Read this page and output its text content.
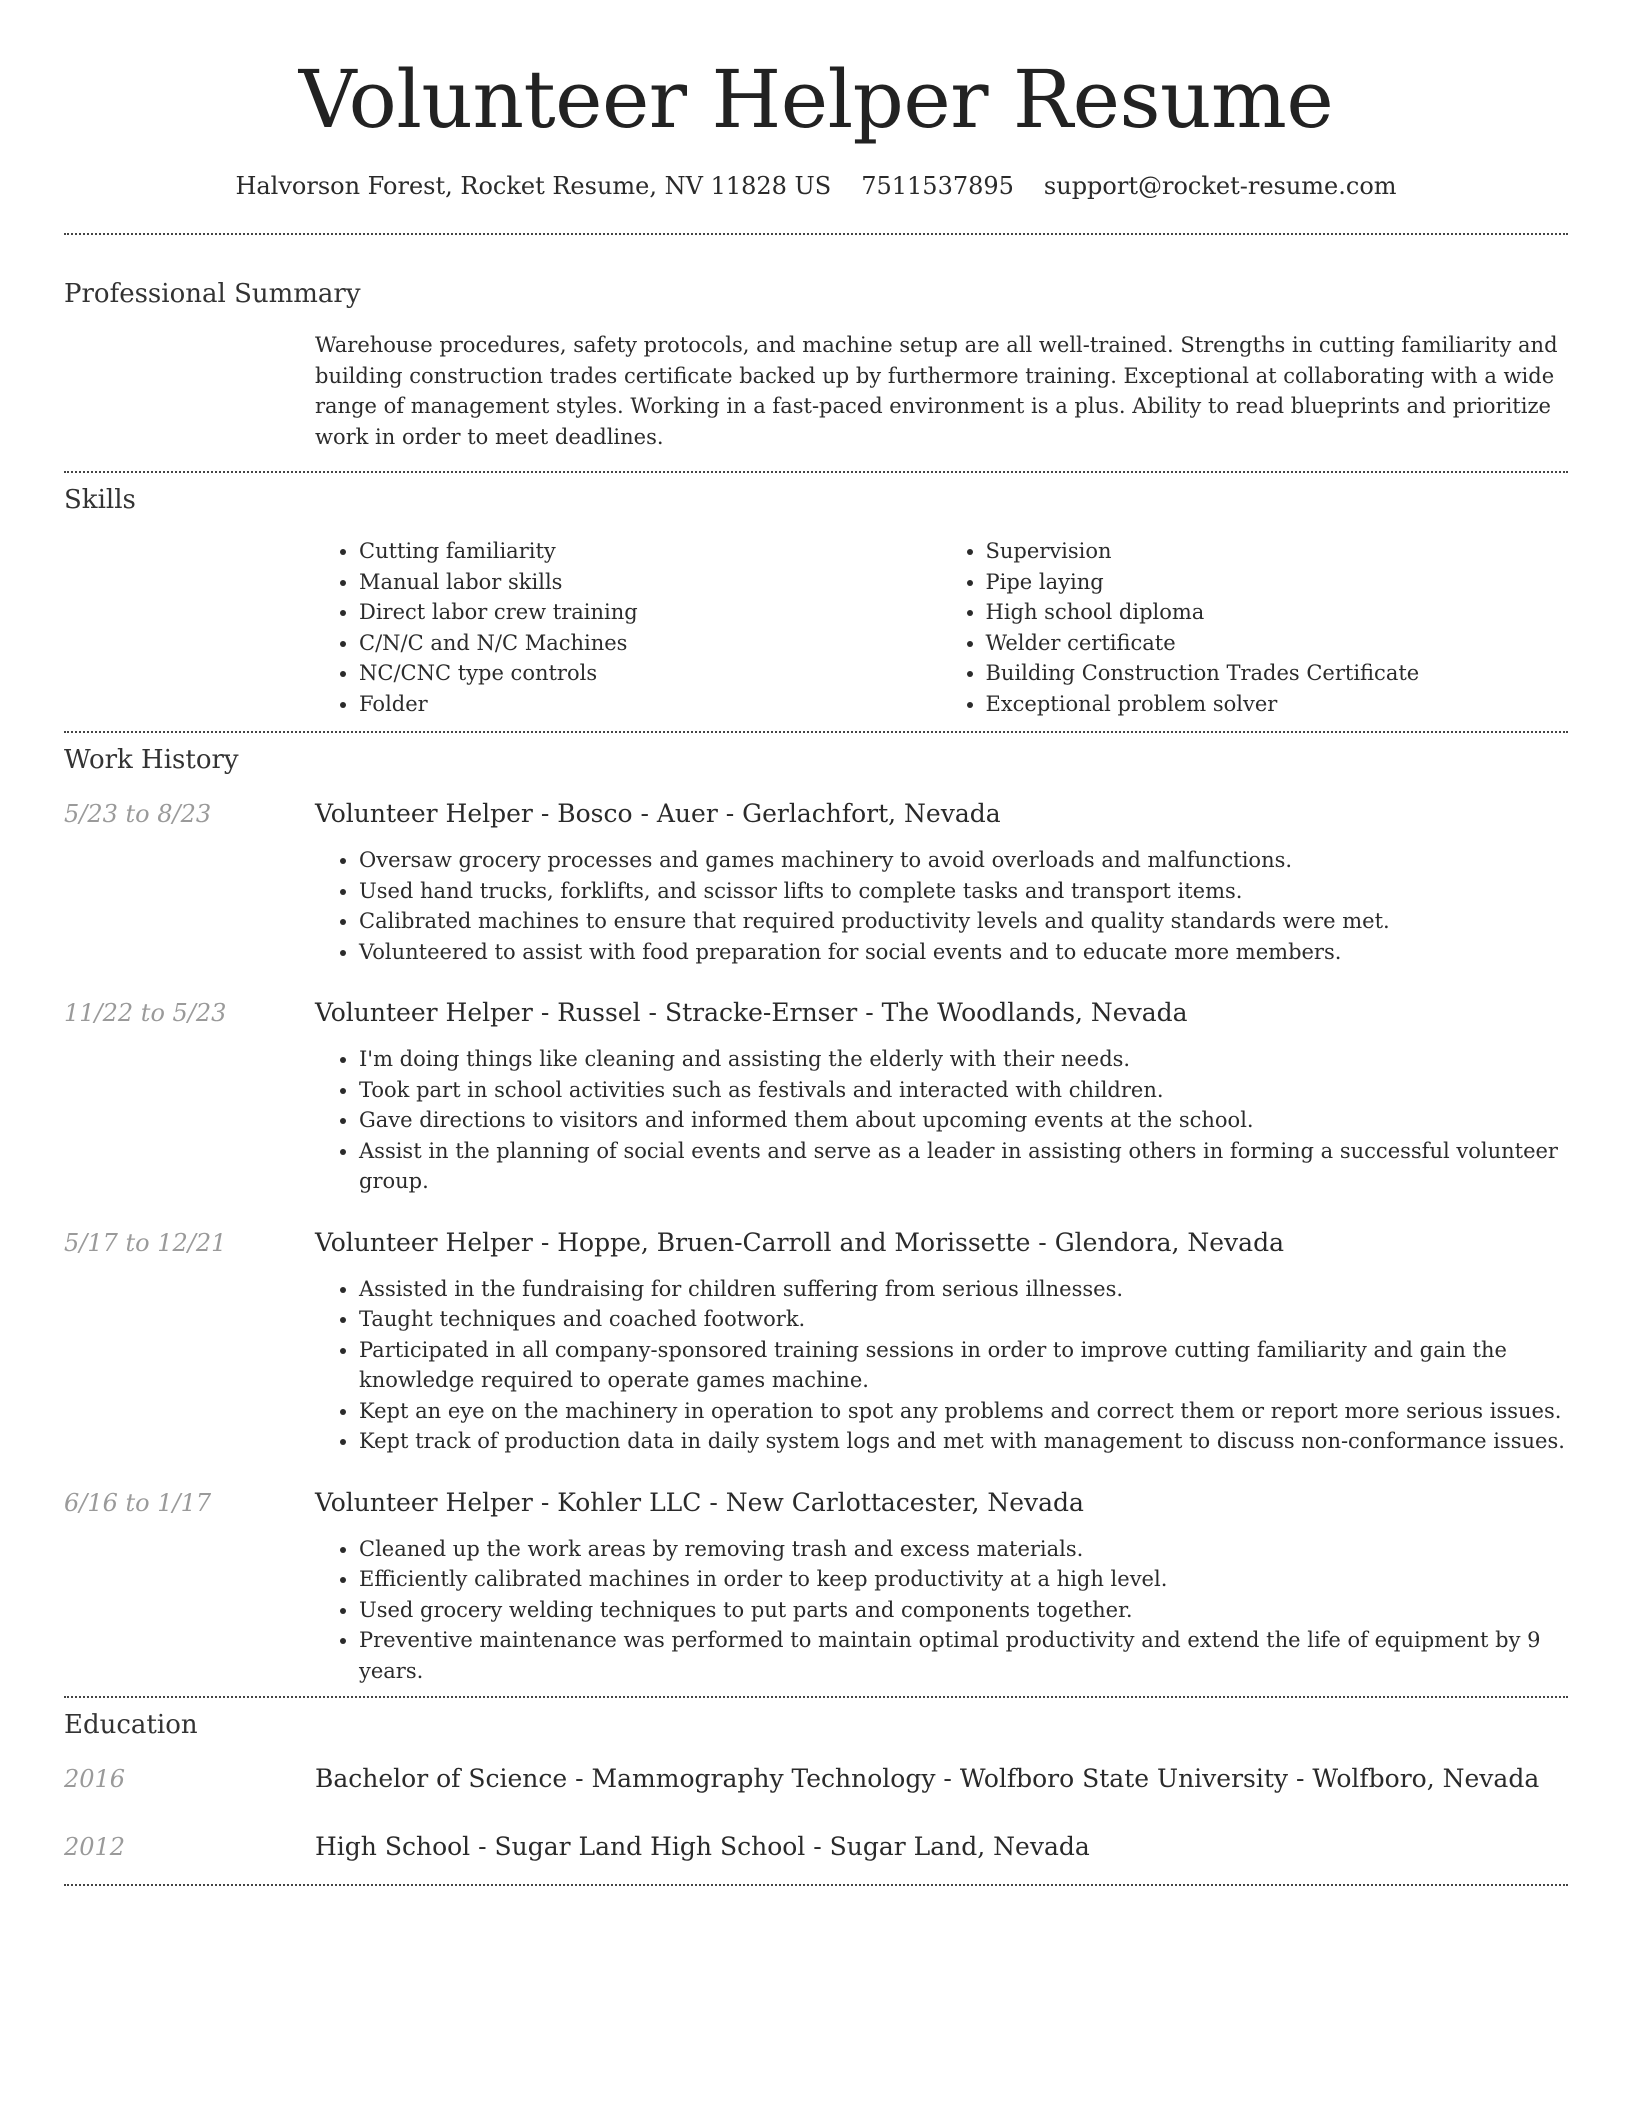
Volunteer Helper Resume
Halvorson Forest, Rocket Resume, NV 11828 US 7511537895 support@rocket-resume.com
Professional Summary
Warehouse procedures, safety protocols, and machine setup are all well-trained. Strengths in cutting familiarity and building construction trades certificate backed up by furthermore training. Exceptional at collaborating with a wide range of management styles. Working in a fast-paced environment is a plus. Ability to read blueprints and prioritize work in order to meet deadlines.
Skills
• Cutting familiarity
• Manual labor skills
• Direct labor crew training
• C/N/C and N/C Machines
• NC/CNC type controls
• Folder
• Supervision
• Pipe laying
• High school diploma
• Welder certificate
• Building Construction Trades Certificate
• Exceptional problem solver
Work History
5/23 to 8/23	Volunteer Helper - Bosco - Auer - Gerlachfort, Nevada
• Oversaw grocery processes and games machinery to avoid overloads and malfunctions.
• Used hand trucks, forklifts, and scissor lifts to complete tasks and transport items.
• Calibrated machines to ensure that required productivity levels and quality standards were met.
• Volunteered to assist with food preparation for social events and to educate more members.
11/22 to 5/23	Volunteer Helper - Russel - Stracke-Ernser - The Woodlands, Nevada
• I'm doing things like cleaning and assisting the elderly with their needs.
• Took part in school activities such as festivals and interacted with children.
• Gave directions to visitors and informed them about upcoming events at the school.
• Assist in the planning of social events and serve as a leader in assisting others in forming a successful volunteer group.
5/17 to 12/21	Volunteer Helper - Hoppe, Bruen-Carroll and Morissette - Glendora, Nevada
• Assisted in the fundraising for children suffering from serious illnesses.
• Taught techniques and coached footwork.
• Participated in all company-sponsored training sessions in order to improve cutting familiarity and gain the knowledge required to operate games machine.
• Kept an eye on the machinery in operation to spot any problems and correct them or report more serious issues.
• Kept track of production data in daily system logs and met with management to discuss non-conformance issues.
6/16 to 1/17	Volunteer Helper - Kohler LLC - New Carlottacester, Nevada
• Cleaned up the work areas by removing trash and excess materials.
• Efficiently calibrated machines in order to keep productivity at a high level.
• Used grocery welding techniques to put parts and components together.
• Preventive maintenance was performed to maintain optimal productivity and extend the life of equipment by 9 years.
Education
2016	Bachelor of Science - Mammography Technology - Wolfboro State University - Wolfboro, Nevada
2012	High School - Sugar Land High School - Sugar Land, Nevada
